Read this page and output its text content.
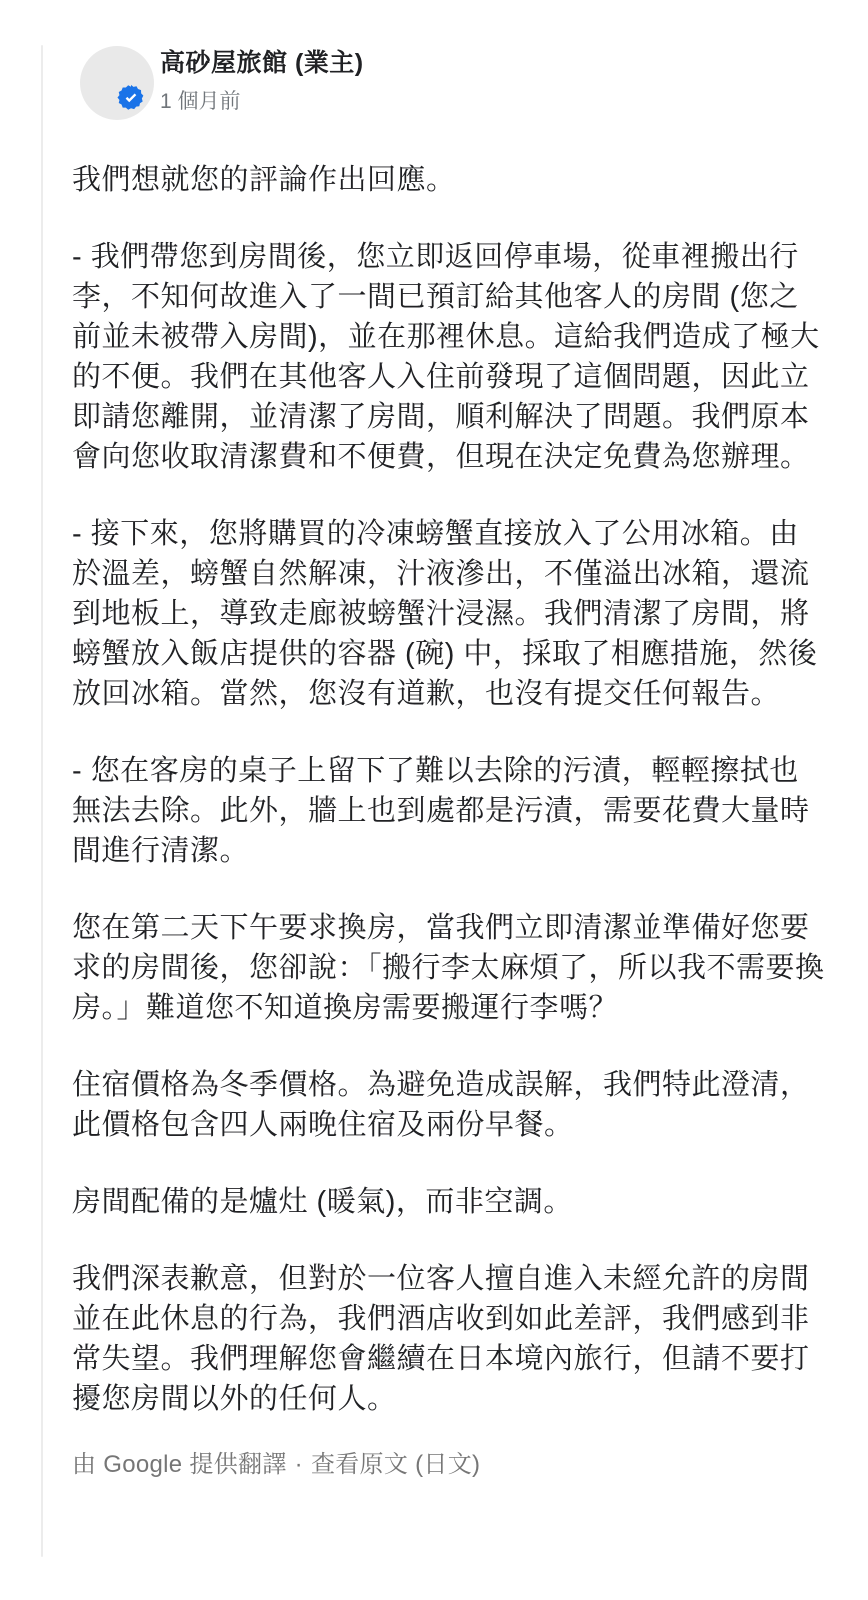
高砂屋旅館 (業主)
1 個月前

我們想就您的評論作出回應。

- 我們帶您到房間後，您立即返回停車場，從車裡搬出行李，不知何故進入了一間已預訂給其他客人的房間 (您之前並未被帶入房間)，並在那裡休息。這給我們造成了極大的不便。我們在其他客人入住前發現了這個問題，因此立即請您離開，並清潔了房間，順利解決了問題。我們原本會向您收取清潔費和不便費，但現在決定免費為您辦理。

- 接下來，您將購買的冷凍螃蟹直接放入了公用冰箱。由於溫差，螃蟹自然解凍，汁液滲出，不僅溢出冰箱，還流到地板上，導致走廊被螃蟹汁浸濕。我們清潔了房間，將螃蟹放入飯店提供的容器 (碗) 中，採取了相應措施，然後放回冰箱。當然，您沒有道歉，也沒有提交任何報告。

- 您在客房的桌子上留下了難以去除的污漬，輕輕擦拭也無法去除。此外，牆上也到處都是污漬，需要花費大量時間進行清潔。

您在第二天下午要求換房，當我們立即清潔並準備好您要求的房間後，您卻說：「搬行李太麻煩了，所以我不需要換房。」難道您不知道換房需要搬運行李嗎？

住宿價格為冬季價格。為避免造成誤解，我們特此澄清，此價格包含四人兩晚住宿及兩份早餐。

房間配備的是爐灶 (暖氣)，而非空調。

我們深表歉意，但對於一位客人擅自進入未經允許的房間並在此休息的行為，我們酒店收到如此差評，我們感到非常失望。我們理解您會繼續在日本境內旅行，但請不要打擾您房間以外的任何人。

由 Google 提供翻譯 · 查看原文 (日文)
